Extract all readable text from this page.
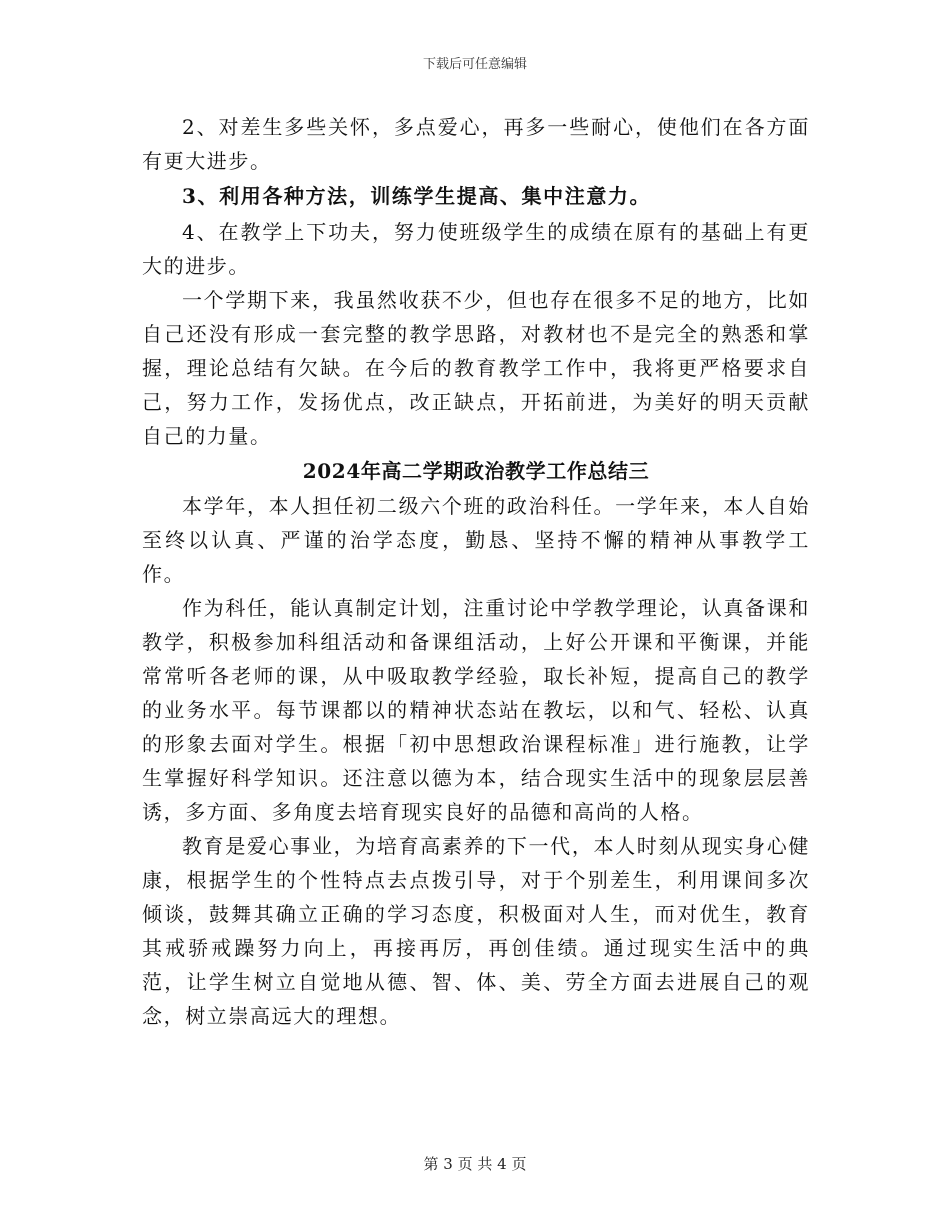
下载后可任意编辑

2、对差生多些关怀，多点爱心，再多一些耐心，使他们在各方面有更大进步。

3、利用各种方法，训练学生提高、集中注意力。

4、在教学上下功夫，努力使班级学生的成绩在原有的基础上有更大的进步。

一个学期下来，我虽然收获不少，但也存在很多不足的地方，比如自己还没有形成一套完整的教学思路，对教材也不是完全的熟悉和掌握，理论总结有欠缺。在今后的教育教学工作中，我将更严格要求自己，努力工作，发扬优点，改正缺点，开拓前进，为美好的明天贡献自己的力量。

2024年高二学期政治教学工作总结三

本学年，本人担任初二级六个班的政治科任。一学年来，本人自始至终以认真、严谨的治学态度，勤恳、坚持不懈的精神从事教学工作。

作为科任，能认真制定计划，注重讨论中学教学理论，认真备课和教学，积极参加科组活动和备课组活动，上好公开课和平衡课，并能常常听各老师的课，从中吸取教学经验，取长补短，提高自己的教学的业务水平。每节课都以的精神状态站在教坛，以和气、轻松、认真的形象去面对学生。根据「初中思想政治课程标准」进行施教，让学生掌握好科学知识。还注意以德为本，结合现实生活中的现象层层善诱，多方面、多角度去培育现实良好的品德和高尚的人格。

教育是爱心事业，为培育高素养的下一代，本人时刻从现实身心健康，根据学生的个性特点去点拨引导，对于个别差生，利用课间多次倾谈，鼓舞其确立正确的学习态度，积极面对人生，而对优生，教育其戒骄戒躁努力向上，再接再厉，再创佳绩。通过现实生活中的典范，让学生树立自觉地从德、智、体、美、劳全方面去进展自己的观念，树立崇高远大的理想。

第 3 页 共 4 页
